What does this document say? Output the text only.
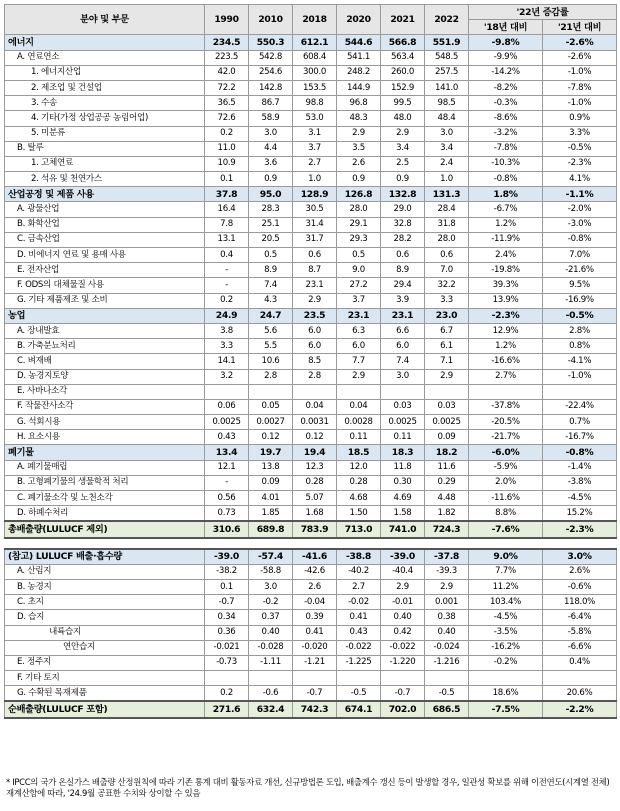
분야 및 부문	1990	2010	2018	2020	2021	2022	'22년 증감률	
							'18년 대비	'21년 대비
에너지	234.5	550.3	612.1	544.6	566.8	551.9	-9.8%	-2.6%
A. 연료연소	223.5	542.8	608.4	541.1	563.4	548.5	-9.9%	-2.6%
1. 에너지산업	42.0	254.6	300.0	248.2	260.0	257.5	-14.2%	-1.0%
2. 제조업 및 건설업	72.2	142.8	153.5	144.9	152.9	141.0	-8.2%	-7.8%
3. 수송	36.5	86.7	98.8	96.8	99.5	98.5	-0.3%	-1.0%
4. 기타(가정 상업공공 농림어업)	72.6	58.9	53.0	48.3	48.0	48.4	-8.6%	0.9%
5. 미분류	0.2	3.0	3.1	2.9	2.9	3.0	-3.2%	3.3%
B. 탈루	11.0	4.4	3.7	3.5	3.4	3.4	-7.8%	-0.5%
1. 고체연료	10.9	3.6	2.7	2.6	2.5	2.4	-10.3%	-2.3%
2. 석유 및 천연가스	0.1	0.9	1.0	0.9	0.9	1.0	-0.8%	4.1%
산업공정 및 제품 사용	37.8	95.0	128.9	126.8	132.8	131.3	1.8%	-1.1%
A. 광물산업	16.4	28.3	30.5	28.0	29.0	28.4	-6.7%	-2.0%
B. 화학산업	7.8	25.1	31.4	29.1	32.8	31.8	1.2%	-3.0%
C. 금속산업	13.1	20.5	31.7	29.3	28.2	28.0	-11.9%	-0.8%
D. 비에너지 연료 및 용매 사용	0.4	0.5	0.6	0.5	0.6	0.6	2.4%	7.0%
E. 전자산업	-	8.9	8.7	9.0	8.9	7.0	-19.8%	-21.6%
F. ODS의 대체물질 사용	-	7.4	23.1	27.2	29.4	32.2	39.3%	9.5%
G. 기타 제품제조 및 소비	0.2	4.3	2.9	3.7	3.9	3.3	13.9%	-16.9%
농업	24.9	24.7	23.5	23.1	23.1	23.0	-2.3%	-0.5%
A. 장내발효	3.8	5.6	6.0	6.3	6.6	6.7	12.9%	2.8%
B. 가축분뇨처리	3.3	5.5	6.0	6.0	6.0	6.1	1.2%	0.8%
C. 벼재배	14.1	10.6	8.5	7.7	7.4	7.1	-16.6%	-4.1%
D. 농경지토양	3.2	2.8	2.8	2.9	3.0	2.9	2.7%	-1.0%
E. 사바나소각								
F. 작물잔사소각	0.06	0.05	0.04	0.04	0.03	0.03	-37.8%	-22.4%
G. 석회시용	0.0025	0.0027	0.0031	0.0028	0.0025	0.0025	-20.5%	0.7%
H. 요소시용	0.43	0.12	0.12	0.11	0.11	0.09	-21.7%	-16.7%
폐기물	13.4	19.7	19.4	18.5	18.3	18.2	-6.0%	-0.8%
A. 폐기물매립	12.1	13.8	12.3	12.0	11.8	11.6	-5.9%	-1.4%
B. 고형폐기물의 생물학적 처리	-	0.09	0.28	0.28	0.30	0.29	2.0%	-3.8%
C. 폐기물소각 및 노천소각	0.56	4.01	5.07	4.68	4.69	4.48	-11.6%	-4.5%
D. 하폐수처리	0.73	1.85	1.68	1.50	1.58	1.82	8.8%	15.2%
총배출량(LULUCF 제외)	310.6	689.8	783.9	713.0	741.0	724.3	-7.6%	-2.3%

(참고) LULUCF 배출·흡수량	-39.0	-57.4	-41.6	-38.8	-39.0	-37.8	9.0%	3.0%
A. 산림지	-38.2	-58.8	-42.6	-40.2	-40.4	-39.3	7.7%	2.6%
B. 농경지	0.1	3.0	2.6	2.7	2.9	2.9	11.2%	-0.6%
C. 초지	-0.7	-0.2	-0.04	-0.02	-0.01	0.001	103.4%	118.0%
D. 습지	0.34	0.37	0.39	0.41	0.40	0.38	-4.5%	-6.4%
내륙습지	0.36	0.40	0.41	0.43	0.42	0.40	-3.5%	-5.8%
연안습지	-0.021	-0.028	-0.020	-0.022	-0.022	-0.024	-16.2%	-6.6%
E. 정주지	-0.73	-1.11	-1.21	-1.225	-1.220	-1.216	-0.2%	0.4%
F. 기타 토지								
G. 수확된 목재제품	0.2	-0.6	-0.7	-0.5	-0.7	-0.5	18.6%	20.6%
순배출량(LULUCF 포함)	271.6	632.4	742.3	674.1	702.0	686.5	-7.5%	-2.2%
* IPCC의 국가 온실가스 배출량 산정원칙에 따라 기존 통계 대비 활동자료 개선, 신규방법론 도입, 배출계수 갱신 등이 발생할 경우, 일관성 확보를 위해 이전연도(시계열 전체) 재계산함에 따라, '24.9월 공표한 수치와 상이할 수 있음
